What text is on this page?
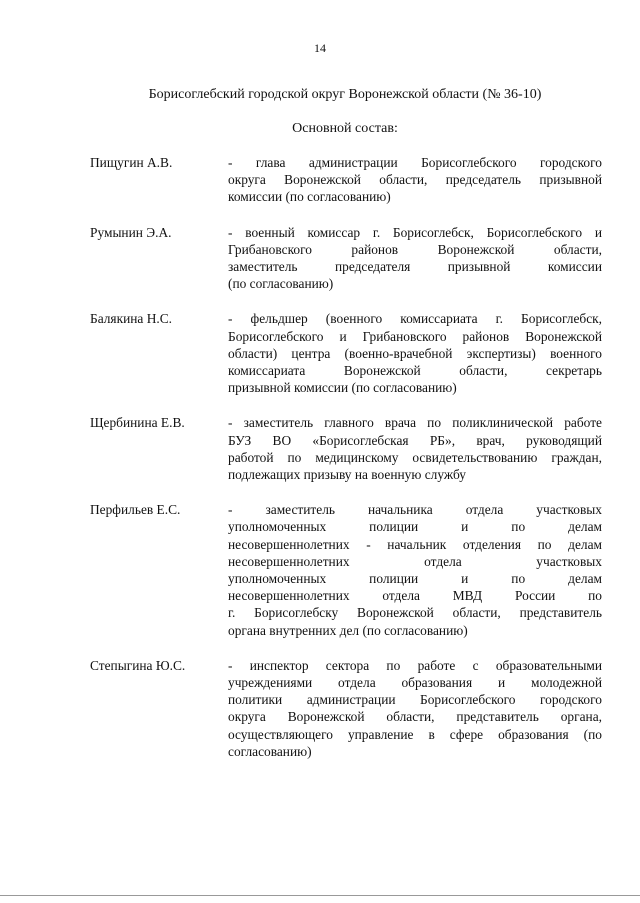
14
Борисоглебский городской округ Воронежской области (№ 36-10)
Основной состав:
Пищугин А.В.	- глава администрации Борисоглебского городского
округа Воронежской области, председатель призывной
комиссии (по согласованию)
Румынин Э.А.	- военный комиссар г. Борисоглебск, Борисоглебского и
Грибановского районов Воронежской области,
заместитель председателя призывной комиссии
(по согласованию)
Балякина Н.С.	- фельдшер (военного комиссариата г. Борисоглебск,
Борисоглебского и Грибановского районов Воронежской
области) центра (военно-врачебной экспертизы) военного
комиссариата Воронежской области, секретарь
призывной комиссии (по согласованию)
Щербинина Е.В.	- заместитель главного врача по поликлинической работе
БУЗ ВО «Борисоглебская РБ», врач, руководящий
работой по медицинскому освидетельствованию граждан,
подлежащих призыву на военную службу
Перфильев Е.С.	- заместитель начальника отдела участковых
уполномоченных полиции и по делам
несовершеннолетних - начальник отделения по делам
несовершеннолетних отдела участковых
уполномоченных полиции и по делам
несовершеннолетних отдела МВД России по
г. Борисоглебску Воронежской области, представитель
органа внутренних дел (по согласованию)
Степыгина Ю.С.	- инспектор сектора по работе с образовательными
учреждениями отдела образования и молодежной
политики администрации Борисоглебского городского
округа Воронежской области, представитель органа,
осуществляющего управление в сфере образования (по
согласованию)
